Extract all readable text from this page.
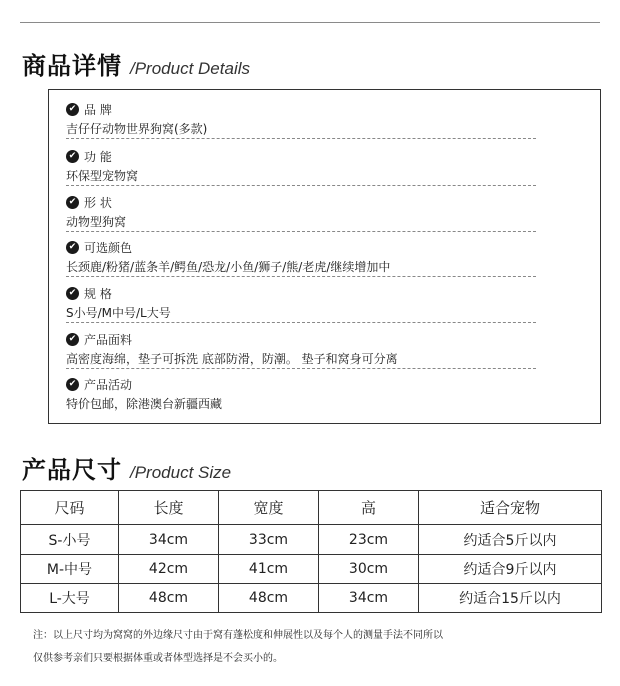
商品详情 /Product Details
✔ 品 牌
吉仔仔动物世界狗窝(多款)
✔ 功 能
环保型宠物窝
✔ 形 状
动物型狗窝
✔ 可选颜色
长颈鹿/粉猪/蓝条羊/鳄鱼/恐龙/小鱼/狮子/熊/老虎/继续增加中
✔ 规 格
S小号/M中号/L大号
✔ 产品面料
高密度海绵，垫子可拆洗 底部防滑，防潮。 垫子和窝身可分离
✔ 产品活动
特价包邮，除港澳台新疆西藏
产品尺寸 /Product Size
尺码	长度	宽度	高	适合宠物
S-小号	34cm	33cm	23cm	约适合5斤以内
M-中号	42cm	41cm	30cm	约适合9斤以内
L-大号	48cm	48cm	34cm	约适合15斤以内
注：以上尺寸均为窝窝的外边缘尺寸由于窝有蓬松度和伸展性以及每个人的测量手法不同所以
仅供参考亲们只要根据体重或者体型选择是不会买小的。
